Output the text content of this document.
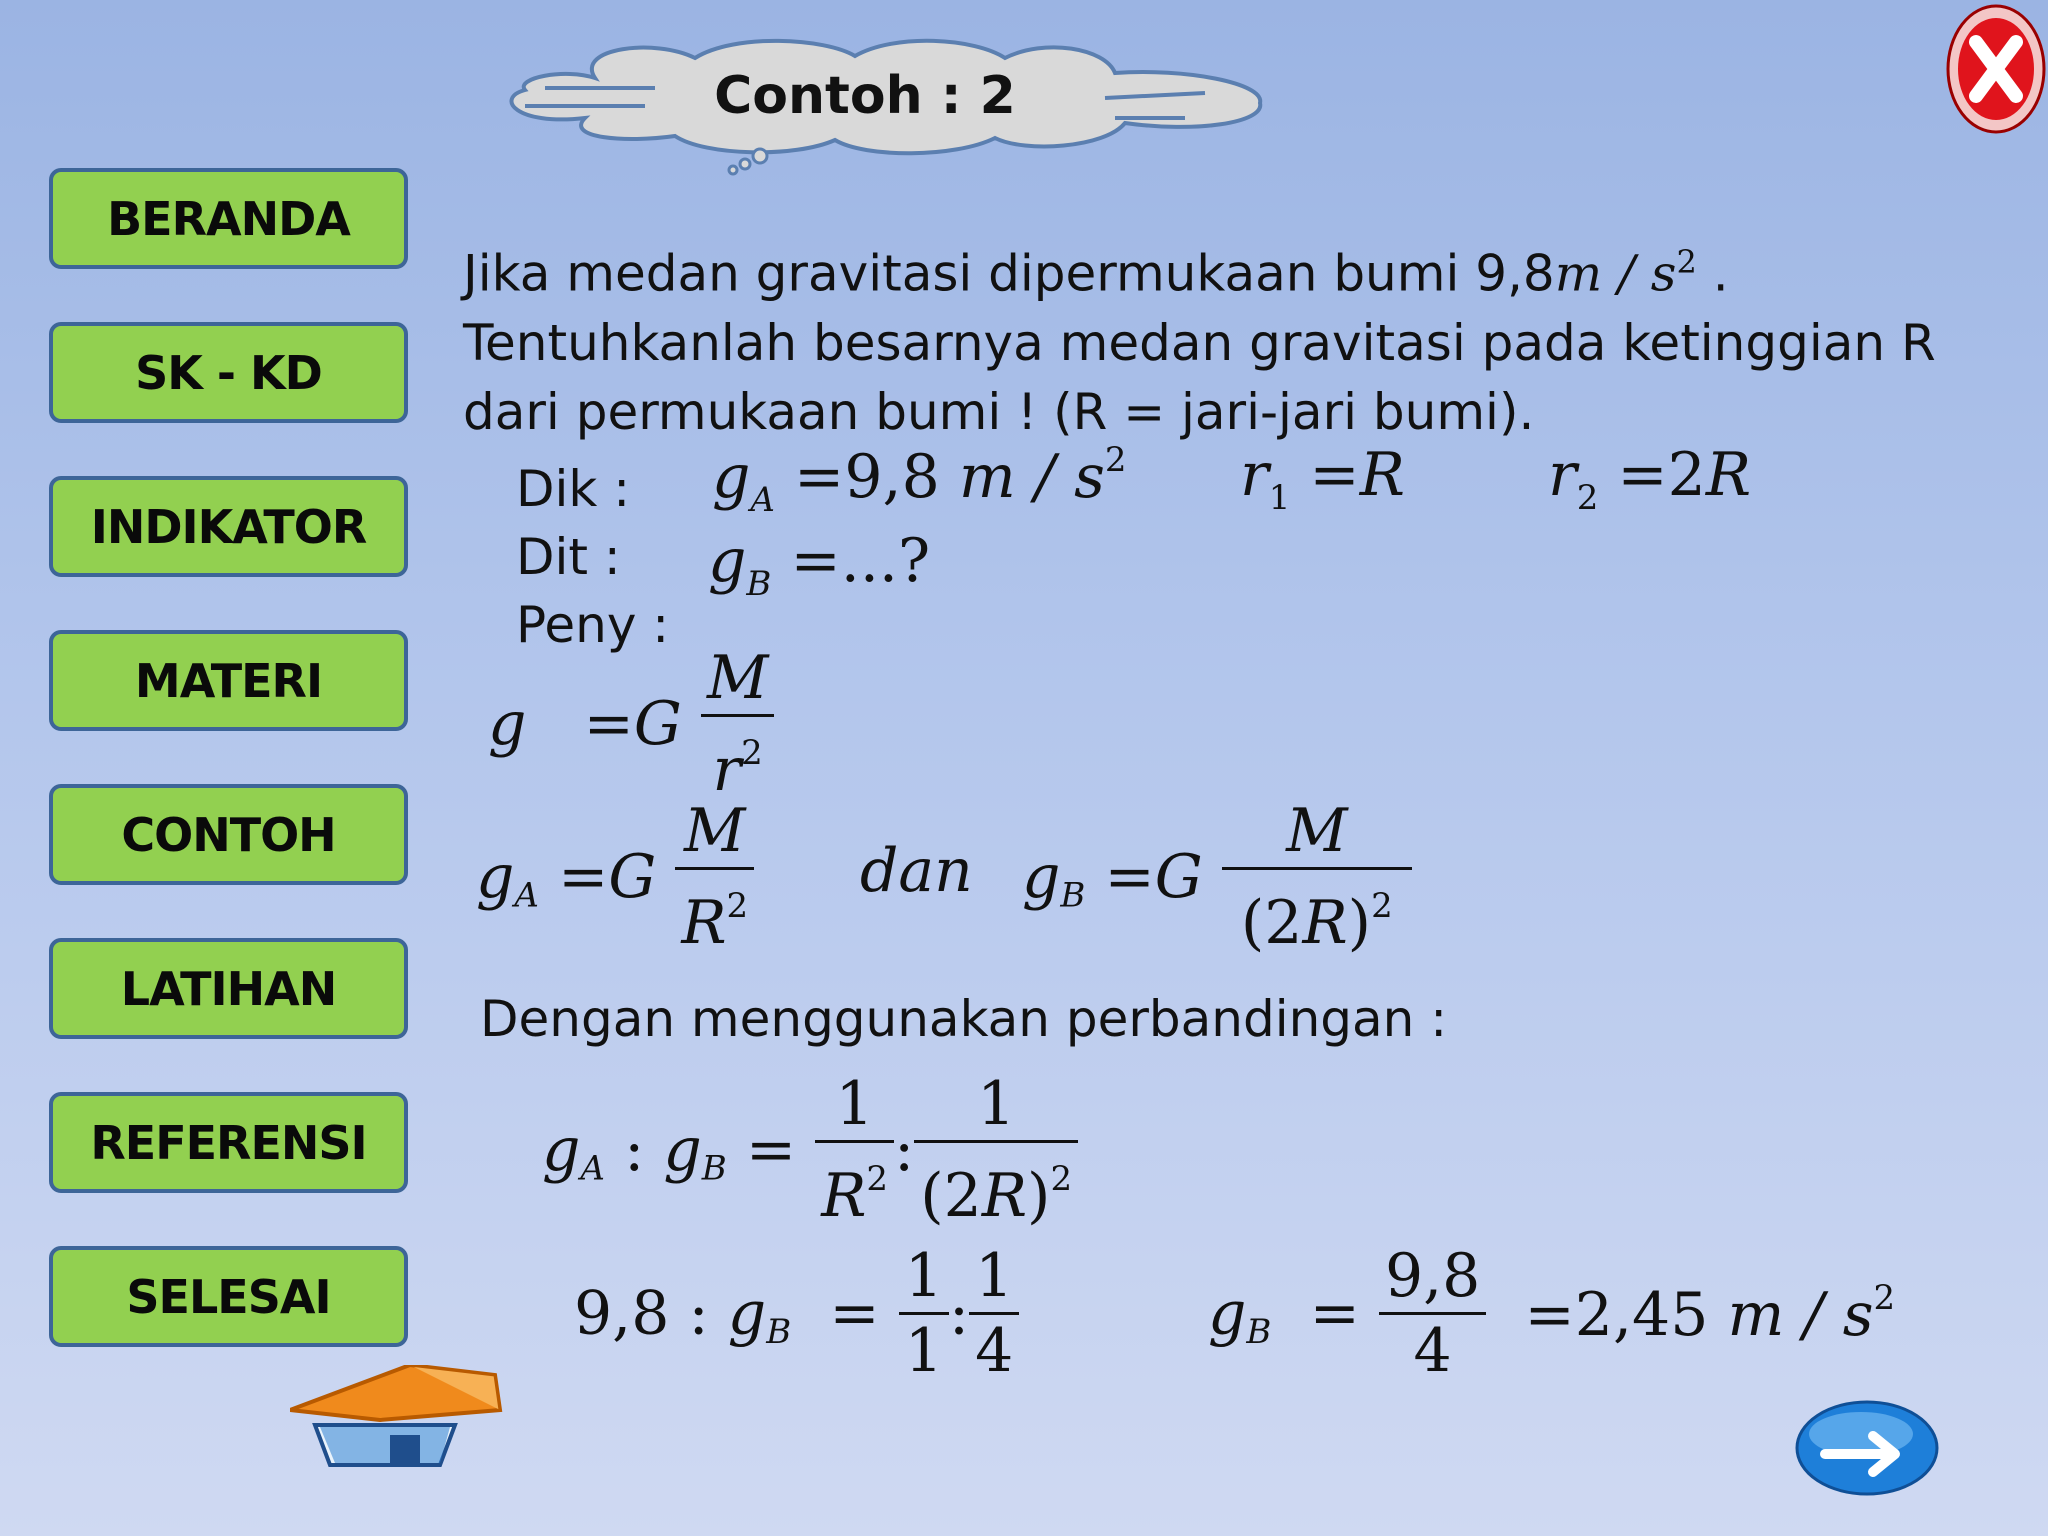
Contoh : 2
BERANDA
SK - KD
INDIKATOR
MATERI
CONTOH
LATIHAN
REFERENSI
SELESAI
Jika medan gravitasi dipermukaan bumi $9,8m / s^2$ .
Tentuhkanlah besarnya medan gravitasi pada ketinggian R
dari permukaan bumi ! (R = jari-jari bumi).
Dik :
Dit :
Peny :
$g_A =9,8$ m / $s^2$ $r_1 =R$ $r_2 =2R$
$g_B$ =...?
$g =G \frac{M}{r^2}$
$g_A =G \frac{M}{R^2}$ dan $g_B =G \frac{M}{(2R)^2}$
Dengan menggunakan perbandingan :
$g_A$ : $g_B = \frac{1}{R^2}$ : $\frac{1}{(2R)^2}$
9,8 : $g_B = \frac{1}{1}$ : $\frac{1}{4}$	$g_B = \frac{9,8}{4} =2,45$ m / $s^2$
